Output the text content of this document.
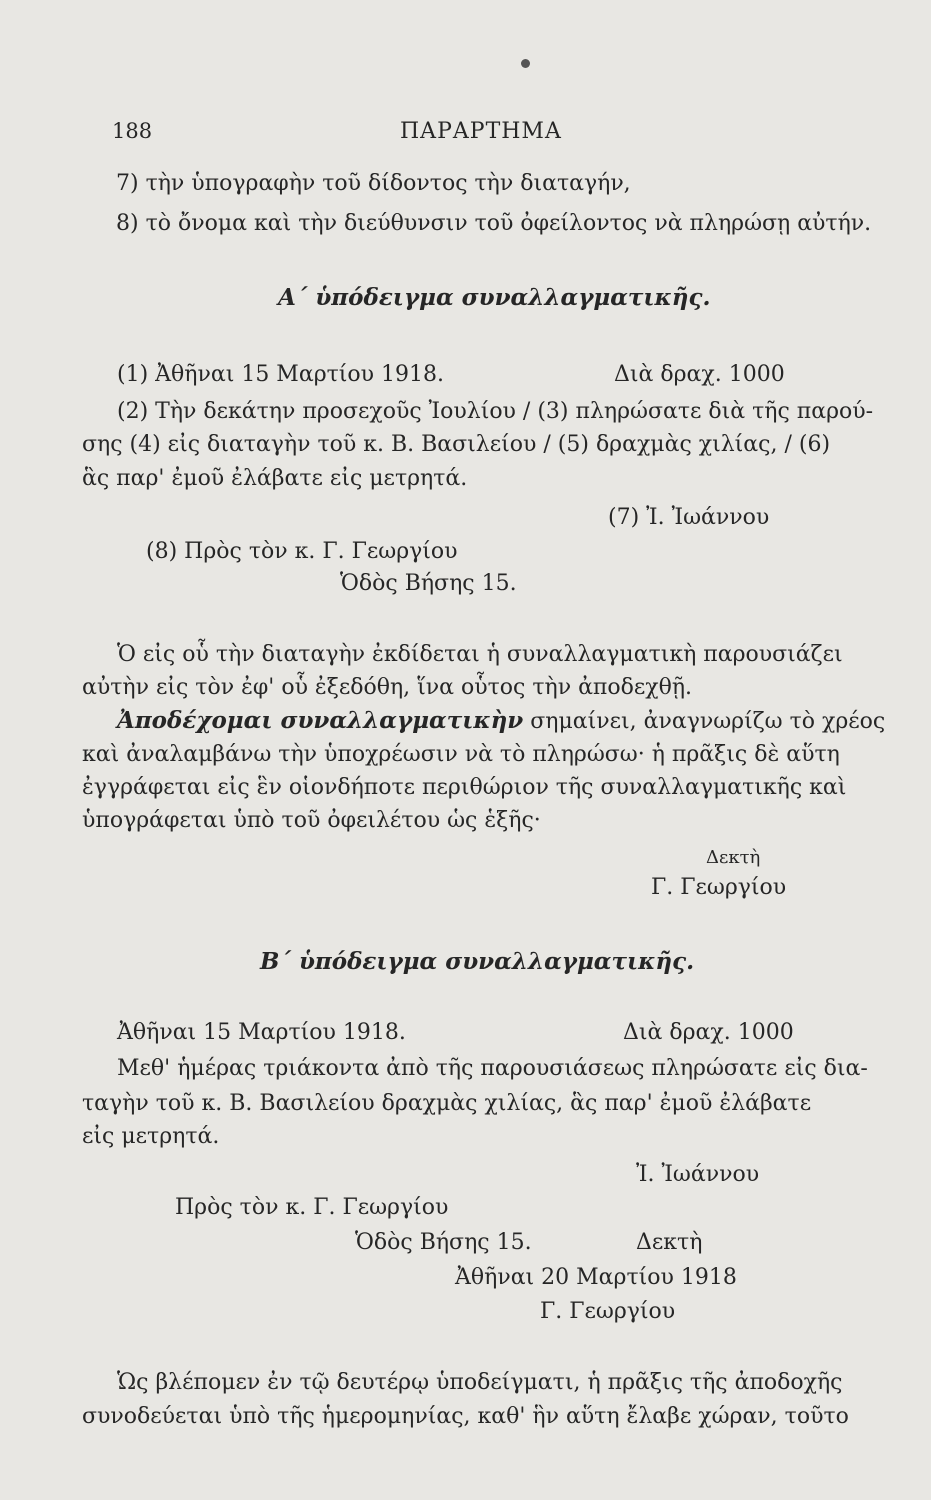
188	ΠΑΡΑΡΤΗΜΑ
7) τὴν ὑπογραφὴν τοῦ δίδοντος τὴν διαταγήν,
8) τὸ ὄνομα καὶ τὴν διεύθυνσιν τοῦ ὀφείλοντος νὰ πληρώσῃ αὐτήν.
Α΄ ὑπόδειγμα συναλλαγματικῆς.
(1) Ἀθῆναι 15 Μαρτίου 1918.	Διὰ δραχ. 1000
(2) Τὴν δεκάτην προσεχοῦς Ἰουλίου / (3) πληρώσατε διὰ τῆς παρού-
σης (4) εἰς διαταγὴν τοῦ κ. Β. Βασιλείου / (5) δραχμὰς χιλίας, / (6)
ἃς παρ' ἐμοῦ ἐλάβατε εἰς μετρητά.
(7) Ἰ. Ἰωάννου
(8) Πρὸς τὸν κ. Γ. Γεωργίου
Ὁδὸς Βήσης 15.
Ὁ εἰς οὗ τὴν διαταγὴν ἐκδίδεται ἡ συναλλαγματικὴ παρουσιάζει
αὐτὴν εἰς τὸν ἐφ' οὗ ἐξεδόθη, ἵνα οὗτος τὴν ἀποδεχθῇ.
Ἀποδέχομαι συναλλαγματικὴν σημαίνει, ἀναγνωρίζω τὸ χρέος
καὶ ἀναλαμβάνω τὴν ὑποχρέωσιν νὰ τὸ πληρώσω· ἡ πρᾶξις δὲ αὕτη
ἐγγράφεται εἰς ἓν οἱονδήποτε περιθώριον τῆς συναλλαγματικῆς καὶ
ὑπογράφεται ὑπὸ τοῦ ὀφειλέτου ὡς ἑξῆς·
Δεκτὴ
Γ. Γεωργίου
Β΄ ὑπόδειγμα συναλλαγματικῆς.
Ἀθῆναι 15 Μαρτίου 1918.	Διὰ δραχ. 1000
Μεθ' ἡμέρας τριάκοντα ἀπὸ τῆς παρουσιάσεως πληρώσατε εἰς δια-
ταγὴν τοῦ κ. Β. Βασιλείου δραχμὰς χιλίας, ἃς παρ' ἐμοῦ ἐλάβατε
εἰς μετρητά.
Ἰ. Ἰωάννου
Πρὸς τὸν κ. Γ. Γεωργίου
Ὁδὸς Βήσης 15.	Δεκτὴ
Ἀθῆναι 20 Μαρτίου 1918
Γ. Γεωργίου
Ὡς βλέπομεν ἐν τῷ δευτέρῳ ὑποδείγματι, ἡ πρᾶξις τῆς ἀποδοχῆς
συνοδεύεται ὑπὸ τῆς ἡμερομηνίας, καθ' ἣν αὕτη ἔλαβε χώραν, τοῦτο
